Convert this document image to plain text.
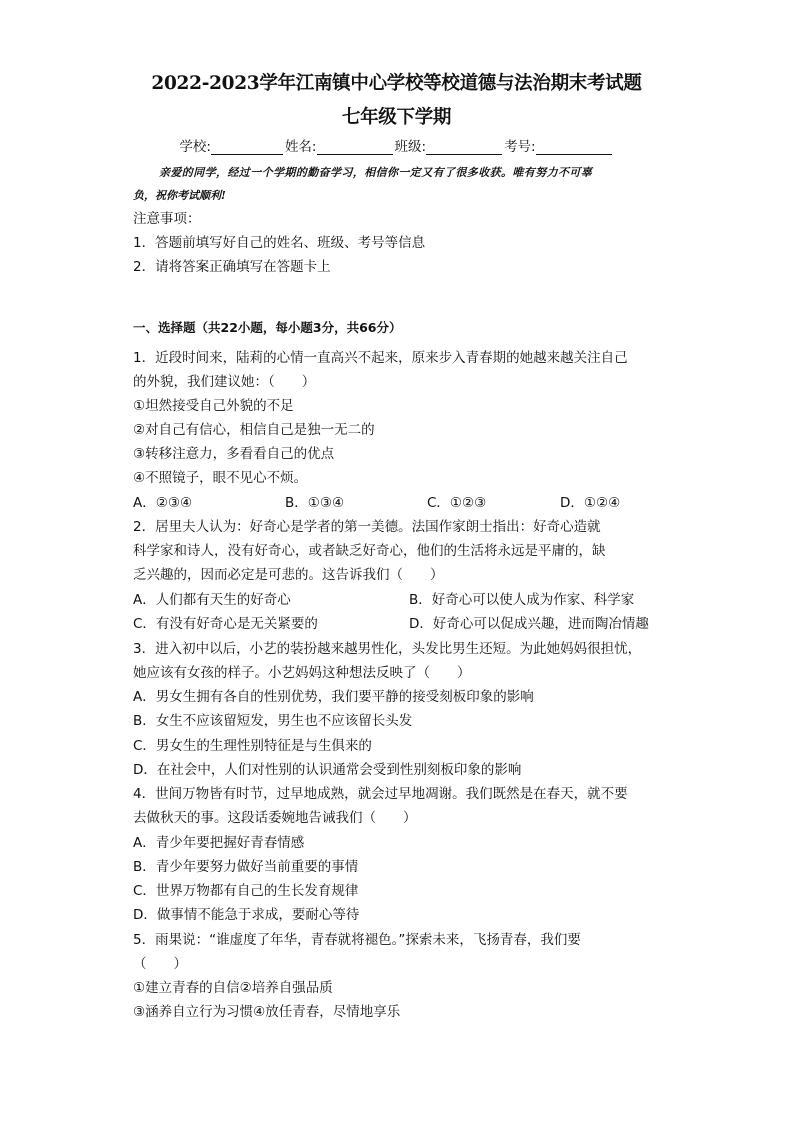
2022-2023学年江南镇中心学校等校道德与法治期末考试题
七年级下学期
学校:	姓名:	班级:	考号:
亲爱的同学，经过一个学期的勤奋学习，相信你一定又有了很多收获。唯有努力不可辜
负，祝你考试顺利!
注意事项：
1．答题前填写好自己的姓名、班级、考号等信息
2．请将答案正确填写在答题卡上
一、选择题（共22小题，每小题3分，共66分）
1．近段时间来，陆莉的心情一直高兴不起来，原来步入青春期的她越来越关注自己
的外貌，我们建议她：（　　）
①坦然接受自己外貌的不足
②对自己有信心，相信自己是独一无二的
③转移注意力，多看看自己的优点
④不照镜子，眼不见心不烦。
A．②③④	B．①③④	C．①②③	D．①②④
2．居里夫人认为：好奇心是学者的第一美德。法国作家朗士指出：好奇心造就
科学家和诗人，没有好奇心，或者缺乏好奇心，他们的生活将永远是平庸的，缺
乏兴趣的，因而必定是可悲的。这告诉我们（　　）
A．人们都有天生的好奇心	B．好奇心可以使人成为作家、科学家
C．有没有好奇心是无关紧要的	D．好奇心可以促成兴趣，进而陶冶情趣
3．进入初中以后，小艺的装扮越来越男性化，头发比男生还短。为此她妈妈很担忧，
她应该有女孩的样子。小艺妈妈这种想法反映了（　　）
A．男女生拥有各自的性别优势，我们要平静的接受刻板印象的影响
B．女生不应该留短发，男生也不应该留长头发
C．男女生的生理性别特征是与生俱来的
D．在社会中，人们对性别的认识通常会受到性别刻板印象的影响
4．世间万物皆有时节，过早地成熟，就会过早地凋谢。我们既然是在春天，就不要
去做秋天的事。这段话委婉地告诫我们（　　）
A．青少年要把握好青春情感
B．青少年要努力做好当前重要的事情
C．世界万物都有自己的生长发育规律
D．做事情不能急于求成，要耐心等待
5．雨果说：“谁虚度了年华，青春就将褪色。”探索未来，飞扬青春，我们要
（　　）
①建立青春的自信②培养自强品质
③涵养自立行为习惯④放任青春，尽情地享乐
